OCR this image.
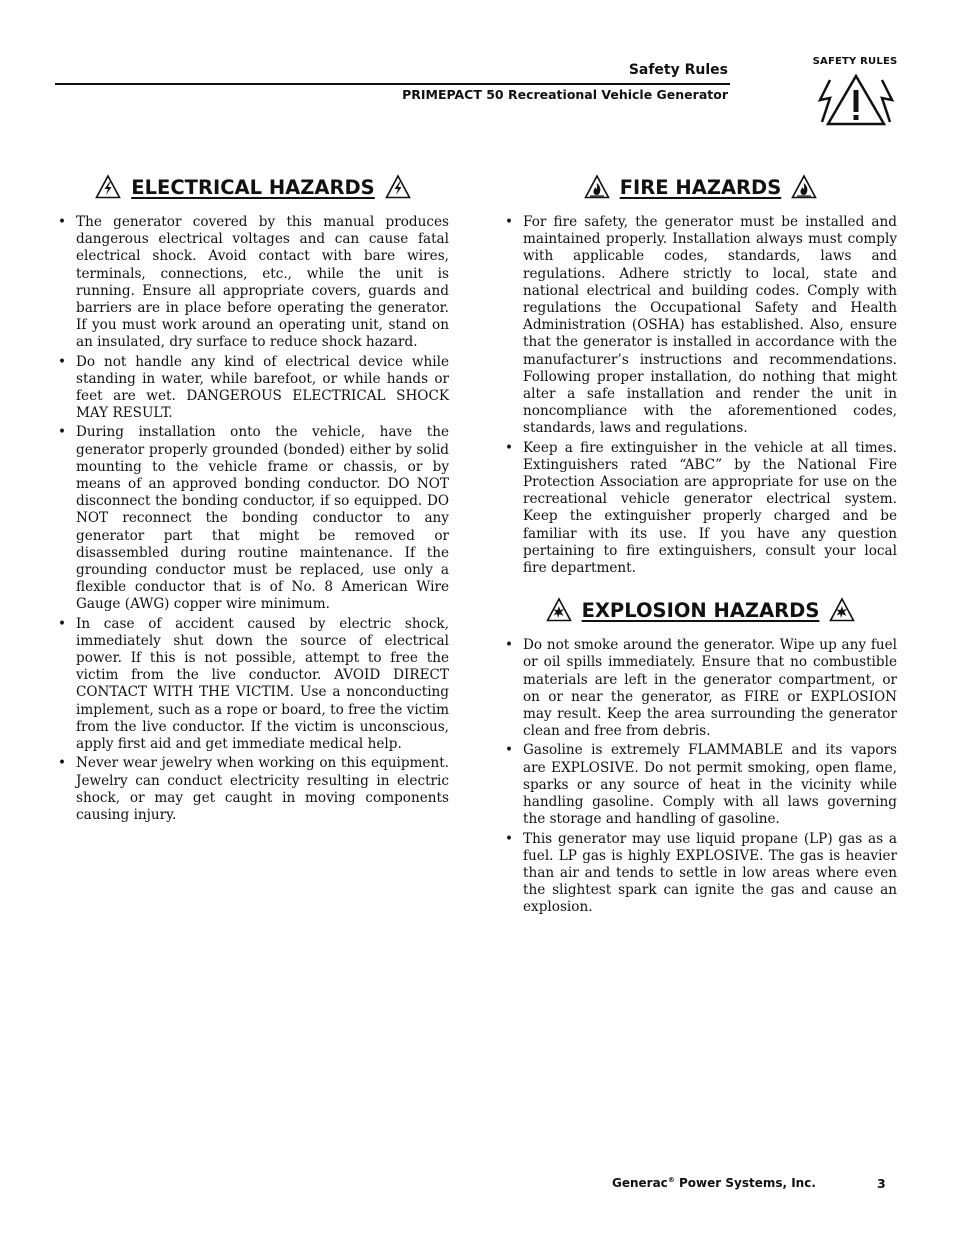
Safety Rules
PRIMEPACT 50 Recreational Vehicle Generator
SAFETY RULES
ELECTRICAL HAZARDS
• The generator covered by this manual produces dangerous electrical voltages and can cause fatal electrical shock. Avoid contact with bare wires, terminals, connections, etc., while the unit is running. Ensure all appropriate covers, guards and barriers are in place before operating the generator. If you must work around an operating unit, stand on an insulated, dry surface to reduce shock hazard.
• Do not handle any kind of electrical device while standing in water, while barefoot, or while hands or feet are wet. DANGEROUS ELECTRICAL SHOCK MAY RESULT.
• During installation onto the vehicle, have the generator properly grounded (bonded) either by solid mounting to the vehicle frame or chassis, or by means of an approved bonding conductor. DO NOT disconnect the bonding conductor, if so equipped. DO NOT reconnect the bonding conductor to any generator part that might be removed or disassembled during routine maintenance. If the grounding conductor must be replaced, use only a flexible conductor that is of No. 8 American Wire Gauge (AWG) copper wire minimum.
• In case of accident caused by electric shock, immediately shut down the source of electrical power. If this is not possible, attempt to free the victim from the live conductor. AVOID DIRECT CONTACT WITH THE VICTIM. Use a nonconducting implement, such as a rope or board, to free the victim from the live conductor. If the victim is unconscious, apply first aid and get immediate medical help.
• Never wear jewelry when working on this equipment. Jewelry can conduct electricity resulting in electric shock, or may get caught in moving components causing injury.
FIRE HAZARDS
• For fire safety, the generator must be installed and maintained properly. Installation always must comply with applicable codes, standards, laws and regulations. Adhere strictly to local, state and national electrical and building codes. Comply with regulations the Occupational Safety and Health Administration (OSHA) has established. Also, ensure that the generator is installed in accordance with the manufacturer’s instructions and recommendations. Following proper installation, do nothing that might alter a safe installation and render the unit in noncompliance with the aforementioned codes, standards, laws and regulations.
• Keep a fire extinguisher in the vehicle at all times. Extinguishers rated “ABC” by the National Fire Protection Association are appropriate for use on the recreational vehicle generator electrical system. Keep the extinguisher properly charged and be familiar with its use. If you have any question pertaining to fire extinguishers, consult your local fire department.
EXPLOSION HAZARDS
• Do not smoke around the generator. Wipe up any fuel or oil spills immediately. Ensure that no combustible materials are left in the generator compartment, or on or near the generator, as FIRE or EXPLOSION may result. Keep the area surrounding the generator clean and free from debris.
• Gasoline is extremely FLAMMABLE and its vapors are EXPLOSIVE. Do not permit smoking, open flame, sparks or any source of heat in the vicinity while handling gasoline. Comply with all laws governing the storage and handling of gasoline.
• This generator may use liquid propane (LP) gas as a fuel. LP gas is highly EXPLOSIVE. The gas is heavier than air and tends to settle in low areas where even the slightest spark can ignite the gas and cause an explosion.
Generac® Power Systems, Inc.	3
